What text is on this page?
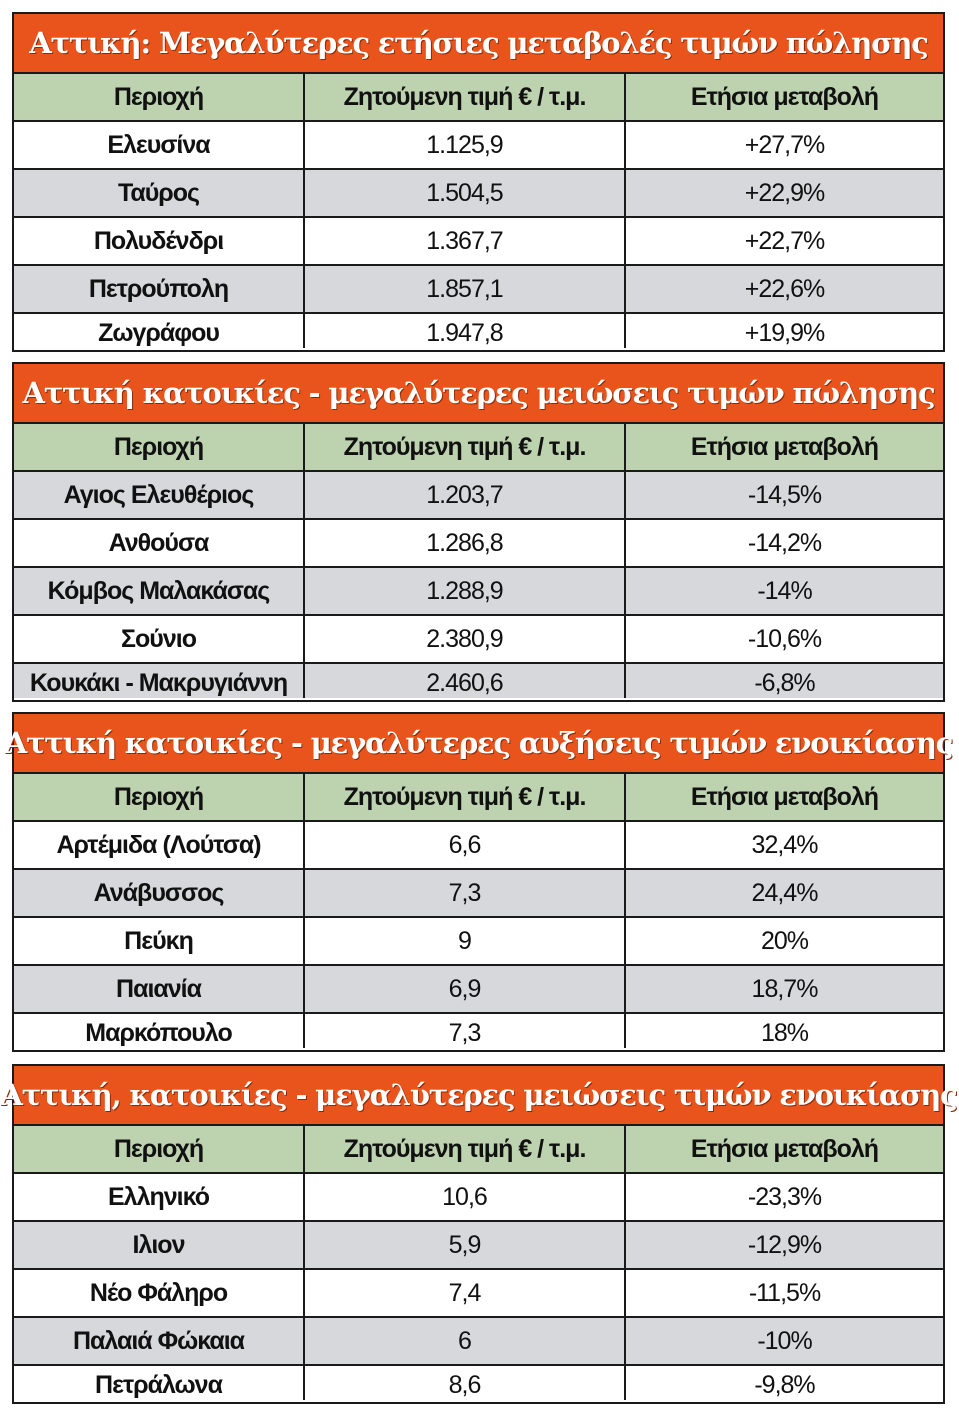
Αττική: Μεγαλύτερες ετήσιες μεταβολές τιμών πώλησης
Περιοχή	Ζητούμενη τιμή € / τ.μ.	Ετήσια μεταβολή
Ελευσίνα	1.125,9	+27,7%
Ταύρος	1.504,5	+22,9%
Πολυδένδρι	1.367,7	+22,7%
Πετρούπολη	1.857,1	+22,6%
Ζωγράφου	1.947,8	+19,9%
Αττική κατοικίες - μεγαλύτερες μειώσεις τιμών πώλησης
Περιοχή	Ζητούμενη τιμή € / τ.μ.	Ετήσια μεταβολή
Αγιος Ελευθέριος	1.203,7	-14,5%
Ανθούσα	1.286,8	-14,2%
Κόμβος Μαλακάσας	1.288,9	-14%
Σούνιο	2.380,9	-10,6%
Κουκάκι - Μακρυγιάννη	2.460,6	-6,8%
Αττική κατοικίες - μεγαλύτερες αυξήσεις τιμών ενοικίασης
Περιοχή	Ζητούμενη τιμή € / τ.μ.	Ετήσια μεταβολή
Αρτέμιδα (Λούτσα)	6,6	32,4%
Ανάβυσσος	7,3	24,4%
Πεύκη	9	20%
Παιανία	6,9	18,7%
Μαρκόπουλο	7,3	18%
Αττική, κατοικίες - μεγαλύτερες μειώσεις τιμών ενοικίασης
Περιοχή	Ζητούμενη τιμή € / τ.μ.	Ετήσια μεταβολή
Ελληνικό	10,6	-23,3%
Ιλιον	5,9	-12,9%
Νέο Φάληρο	7,4	-11,5%
Παλαιά Φώκαια	6	-10%
Πετράλωνα	8,6	-9,8%
